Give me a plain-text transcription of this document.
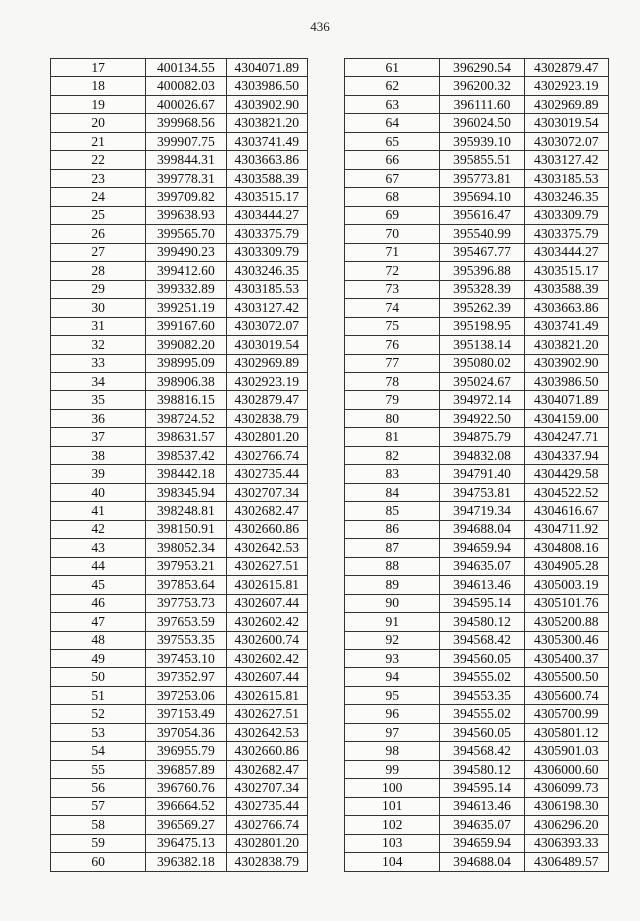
436
17	400134.55	4304071.89
18	400082.03	4303986.50
19	400026.67	4303902.90
20	399968.56	4303821.20
21	399907.75	4303741.49
22	399844.31	4303663.86
23	399778.31	4303588.39
24	399709.82	4303515.17
25	399638.93	4303444.27
26	399565.70	4303375.79
27	399490.23	4303309.79
28	399412.60	4303246.35
29	399332.89	4303185.53
30	399251.19	4303127.42
31	399167.60	4303072.07
32	399082.20	4303019.54
33	398995.09	4302969.89
34	398906.38	4302923.19
35	398816.15	4302879.47
36	398724.52	4302838.79
37	398631.57	4302801.20
38	398537.42	4302766.74
39	398442.18	4302735.44
40	398345.94	4302707.34
41	398248.81	4302682.47
42	398150.91	4302660.86
43	398052.34	4302642.53
44	397953.21	4302627.51
45	397853.64	4302615.81
46	397753.73	4302607.44
47	397653.59	4302602.42
48	397553.35	4302600.74
49	397453.10	4302602.42
50	397352.97	4302607.44
51	397253.06	4302615.81
52	397153.49	4302627.51
53	397054.36	4302642.53
54	396955.79	4302660.86
55	396857.89	4302682.47
56	396760.76	4302707.34
57	396664.52	4302735.44
58	396569.27	4302766.74
59	396475.13	4302801.20
60	396382.18	4302838.79
61	396290.54	4302879.47
62	396200.32	4302923.19
63	396111.60	4302969.89
64	396024.50	4303019.54
65	395939.10	4303072.07
66	395855.51	4303127.42
67	395773.81	4303185.53
68	395694.10	4303246.35
69	395616.47	4303309.79
70	395540.99	4303375.79
71	395467.77	4303444.27
72	395396.88	4303515.17
73	395328.39	4303588.39
74	395262.39	4303663.86
75	395198.95	4303741.49
76	395138.14	4303821.20
77	395080.02	4303902.90
78	395024.67	4303986.50
79	394972.14	4304071.89
80	394922.50	4304159.00
81	394875.79	4304247.71
82	394832.08	4304337.94
83	394791.40	4304429.58
84	394753.81	4304522.52
85	394719.34	4304616.67
86	394688.04	4304711.92
87	394659.94	4304808.16
88	394635.07	4304905.28
89	394613.46	4305003.19
90	394595.14	4305101.76
91	394580.12	4305200.88
92	394568.42	4305300.46
93	394560.05	4305400.37
94	394555.02	4305500.50
95	394553.35	4305600.74
96	394555.02	4305700.99
97	394560.05	4305801.12
98	394568.42	4305901.03
99	394580.12	4306000.60
100	394595.14	4306099.73
101	394613.46	4306198.30
102	394635.07	4306296.20
103	394659.94	4306393.33
104	394688.04	4306489.57
